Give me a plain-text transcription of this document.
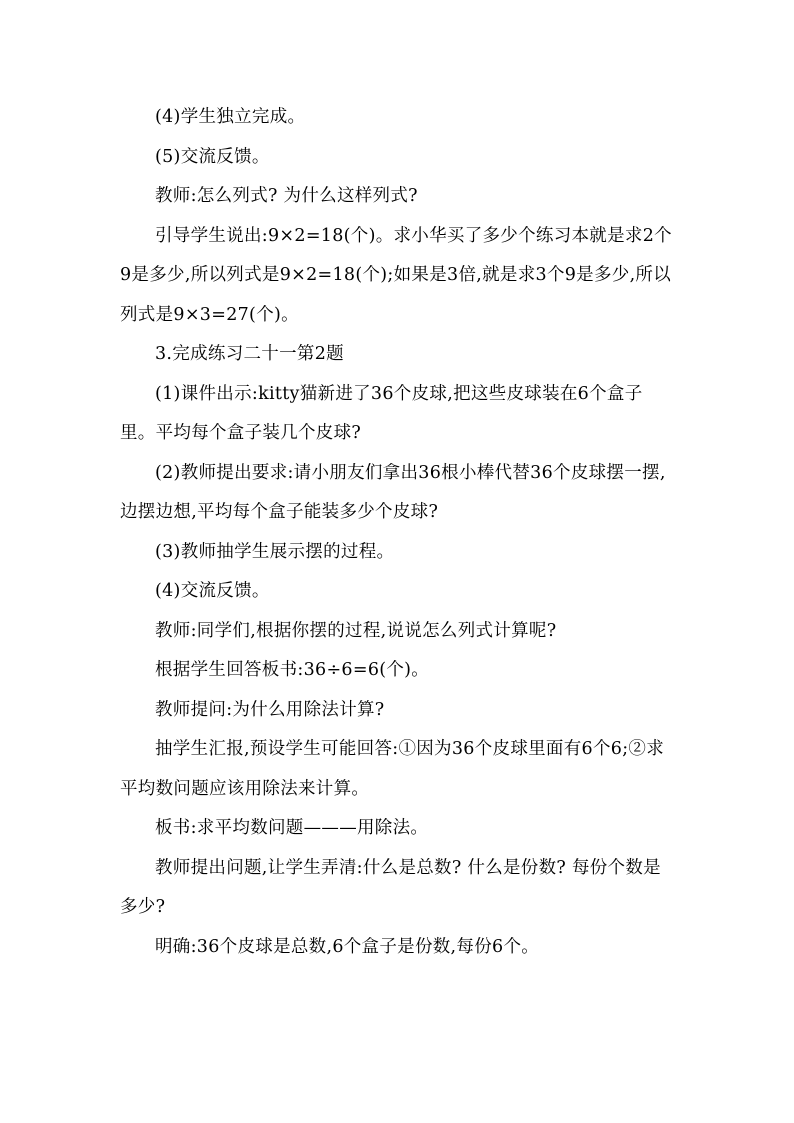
(4)学生独立完成。

(5)交流反馈。

教师:怎么列式? 为什么这样列式?

引导学生说出:9×2=18(个)。求小华买了多少个练习本就是求2个9是多少,所以列式是9×2=18(个);如果是3倍,就是求3个9是多少,所以列式是9×3=27(个)。

3.完成练习二十一第2题

(1)课件出示:kitty猫新进了36个皮球,把这些皮球装在6个盒子里。平均每个盒子装几个皮球?

(2)教师提出要求:请小朋友们拿出36根小棒代替36个皮球摆一摆,边摆边想,平均每个盒子能装多少个皮球?

(3)教师抽学生展示摆的过程。

(4)交流反馈。

教师:同学们,根据你摆的过程,说说怎么列式计算呢?

根据学生回答板书:36÷6=6(个)。

教师提问:为什么用除法计算?

抽学生汇报,预设学生可能回答:①因为36个皮球里面有6个6;②求平均数问题应该用除法来计算。

板书:求平均数问题———用除法。

教师提出问题,让学生弄清:什么是总数? 什么是份数? 每份个数是多少?

明确:36个皮球是总数,6个盒子是份数,每份6个。
